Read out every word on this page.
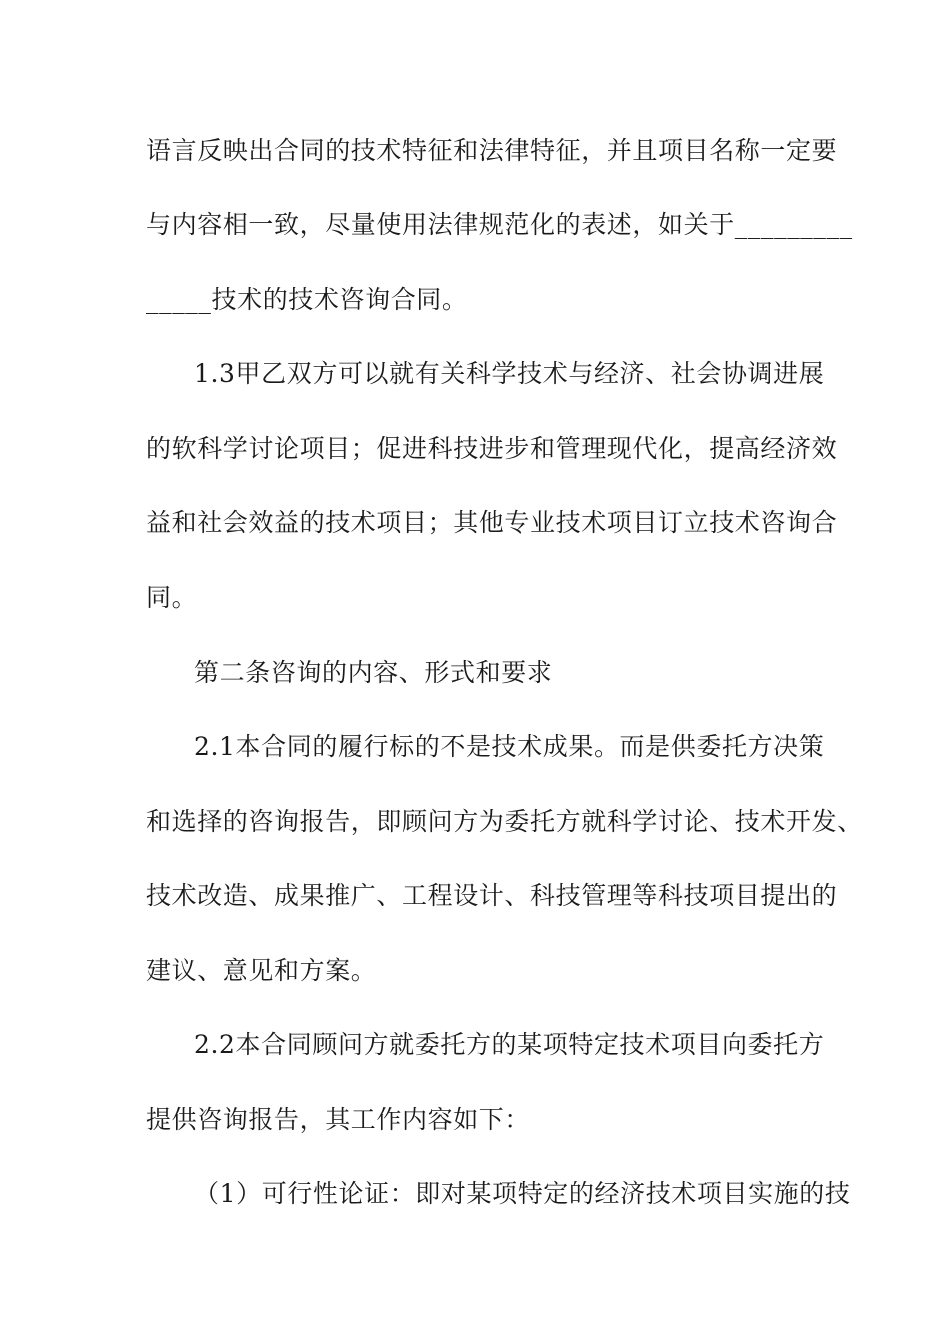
语言反映出合同的技术特征和法律特征，并且项目名称一定要
与内容相一致，尽量使用法律规范化的表述，如关于_________
_____技术的技术咨询合同。
1.3甲乙双方可以就有关科学技术与经济、社会协调进展
的软科学讨论项目；促进科技进步和管理现代化，提高经济效
益和社会效益的技术项目；其他专业技术项目订立技术咨询合
同。
第二条咨询的内容、形式和要求
2.1本合同的履行标的不是技术成果。而是供委托方决策
和选择的咨询报告，即顾问方为委托方就科学讨论、技术开发、
技术改造、成果推广、工程设计、科技管理等科技项目提出的
建议、意见和方案。
2.2本合同顾问方就委托方的某项特定技术项目向委托方
提供咨询报告，其工作内容如下：
（1）可行性论证：即对某项特定的经济技术项目实施的技
